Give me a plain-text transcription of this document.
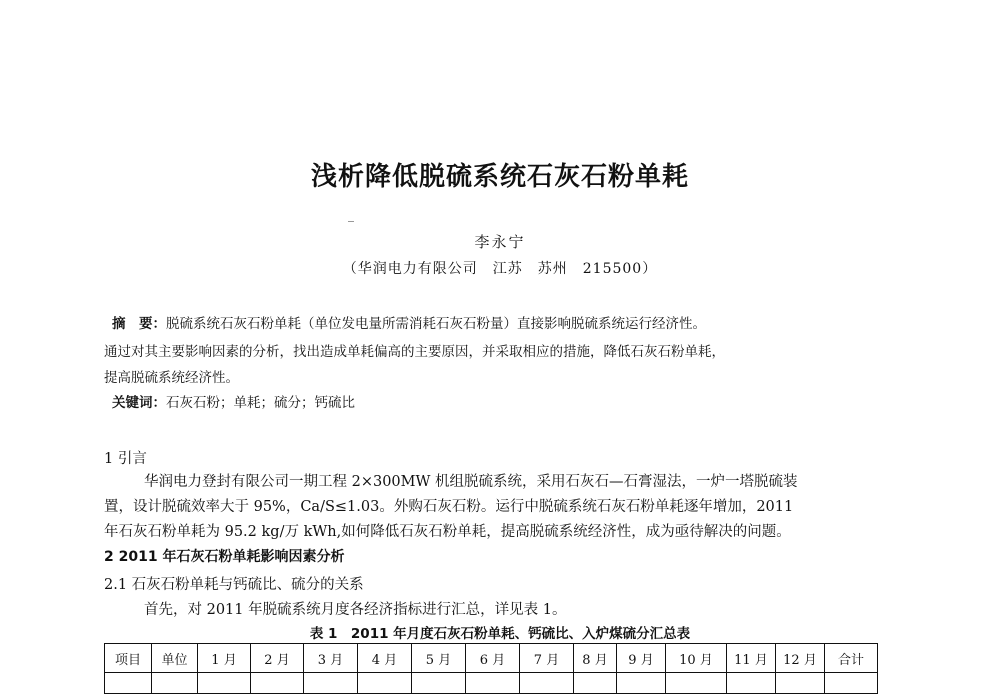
浅析降低脱硫系统石灰石粉单耗
李永宁
（华润电力有限公司　江苏　苏州　215500）
摘　要：脱硫系统石灰石粉单耗（单位发电量所需消耗石灰石粉量）直接影响脱硫系统运行经济性。
通过对其主要影响因素的分析，找出造成单耗偏高的主要原因，并采取相应的措施，降低石灰石粉单耗，
提高脱硫系统经济性。
关键词：石灰石粉；单耗；硫分；钙硫比
1 引言
华润电力登封有限公司一期工程 2×300MW 机组脱硫系统，采用石灰石—石膏湿法，一炉一塔脱硫装
置，设计脱硫效率大于 95%，Ca/S≤1.03。外购石灰石粉。运行中脱硫系统石灰石粉单耗逐年增加，2011
年石灰石粉单耗为 95.2 kg/万 kWh,如何降低石灰石粉单耗，提高脱硫系统经济性，成为亟待解决的问题。
2 2011 年石灰石粉单耗影响因素分析
2.1 石灰石粉单耗与钙硫比、硫分的关系
首先，对 2011 年脱硫系统月度各经济指标进行汇总，详见表 1。
表 1　2011 年月度石灰石粉单耗、钙硫比、入炉煤硫分汇总表
项目	单位	1 月	2 月	3 月	4 月	5 月	6 月	7 月	8 月	9 月	10 月	11 月	12 月	合计
